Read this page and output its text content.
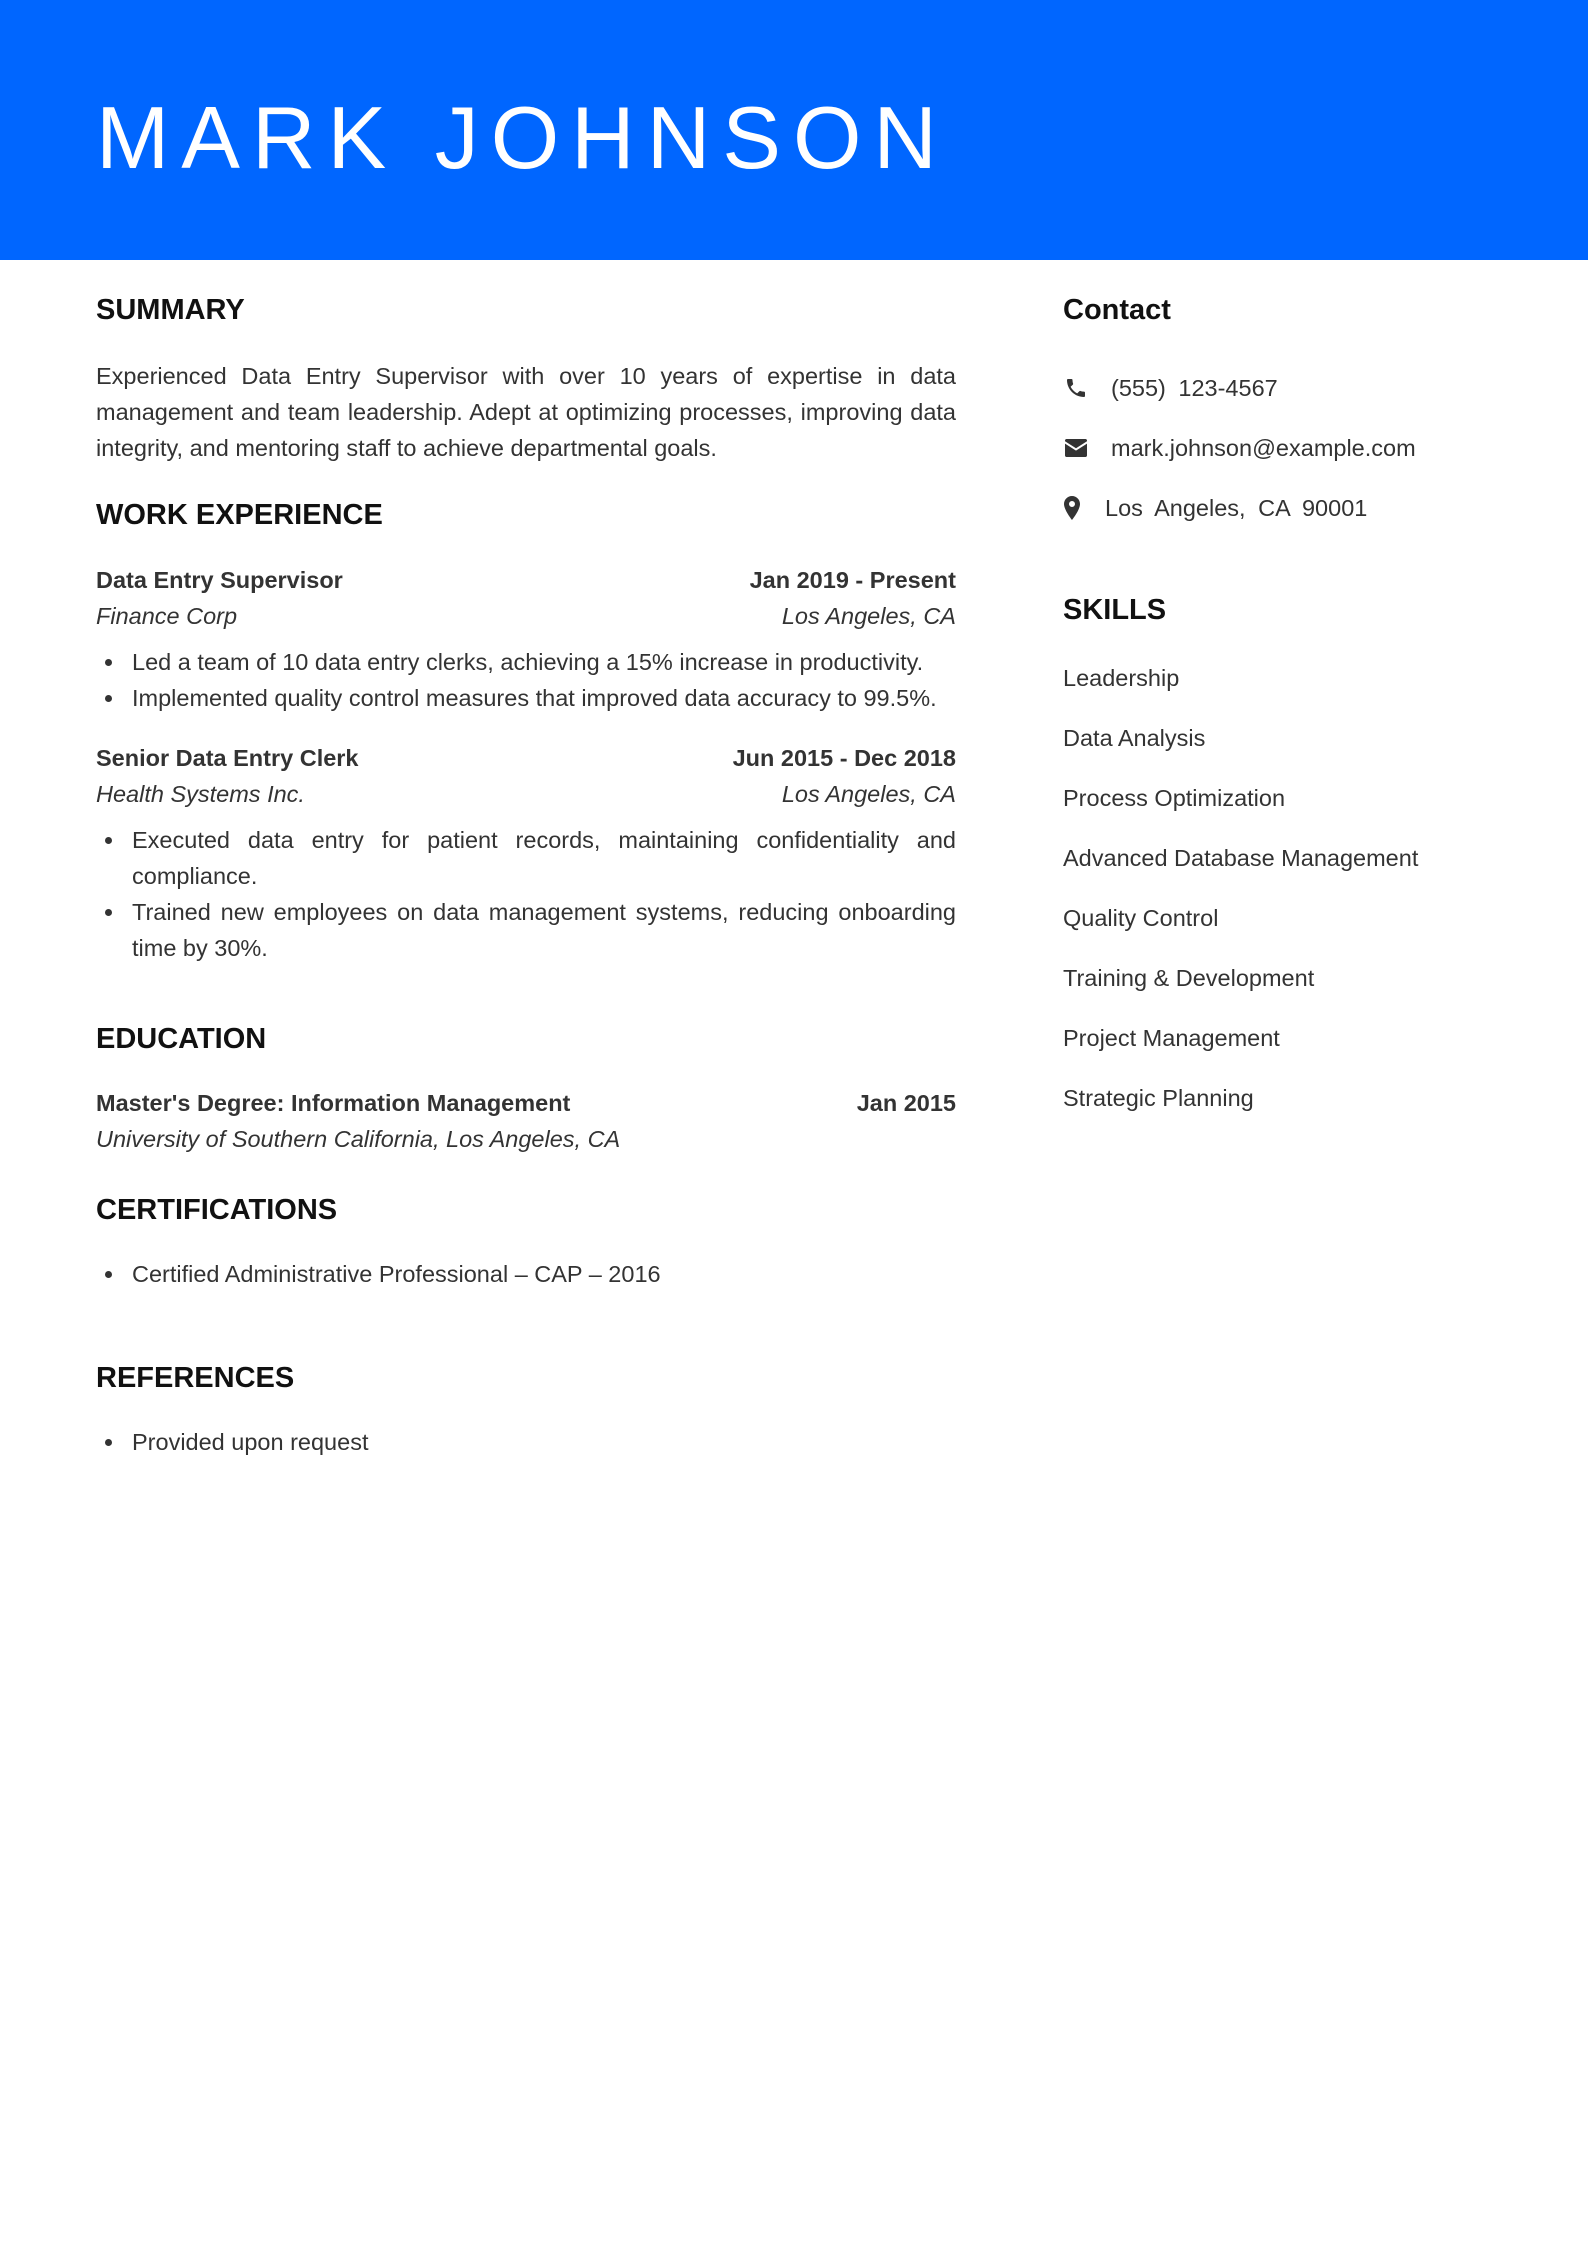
MARK JOHNSON
SUMMARY
Experienced Data Entry Supervisor with over 10 years of expertise in data management and team leadership. Adept at optimizing processes, improving data integrity, and mentoring staff to achieve departmental goals.
WORK EXPERIENCE
Data Entry Supervisor	Jan 2019 - Present
Finance Corp	Los Angeles, CA
Led a team of 10 data entry clerks, achieving a 15% increase in productivity.
Implemented quality control measures that improved data accuracy to 99.5%.
Senior Data Entry Clerk	Jun 2015 - Dec 2018
Health Systems Inc.	Los Angeles, CA
Executed data entry for patient records, maintaining confidentiality and compliance.
Trained new employees on data management systems, reducing onboarding time by 30%.
EDUCATION
Master's Degree: Information Management	Jan 2015
University of Southern California, Los Angeles, CA
CERTIFICATIONS
Certified Administrative Professional – CAP – 2016
REFERENCES
Provided upon request
Contact
(555) 123-4567
mark.johnson@example.com
Los Angeles, CA 90001
SKILLS
Leadership
Data Analysis
Process Optimization
Advanced Database Management
Quality Control
Training & Development
Project Management
Strategic Planning
